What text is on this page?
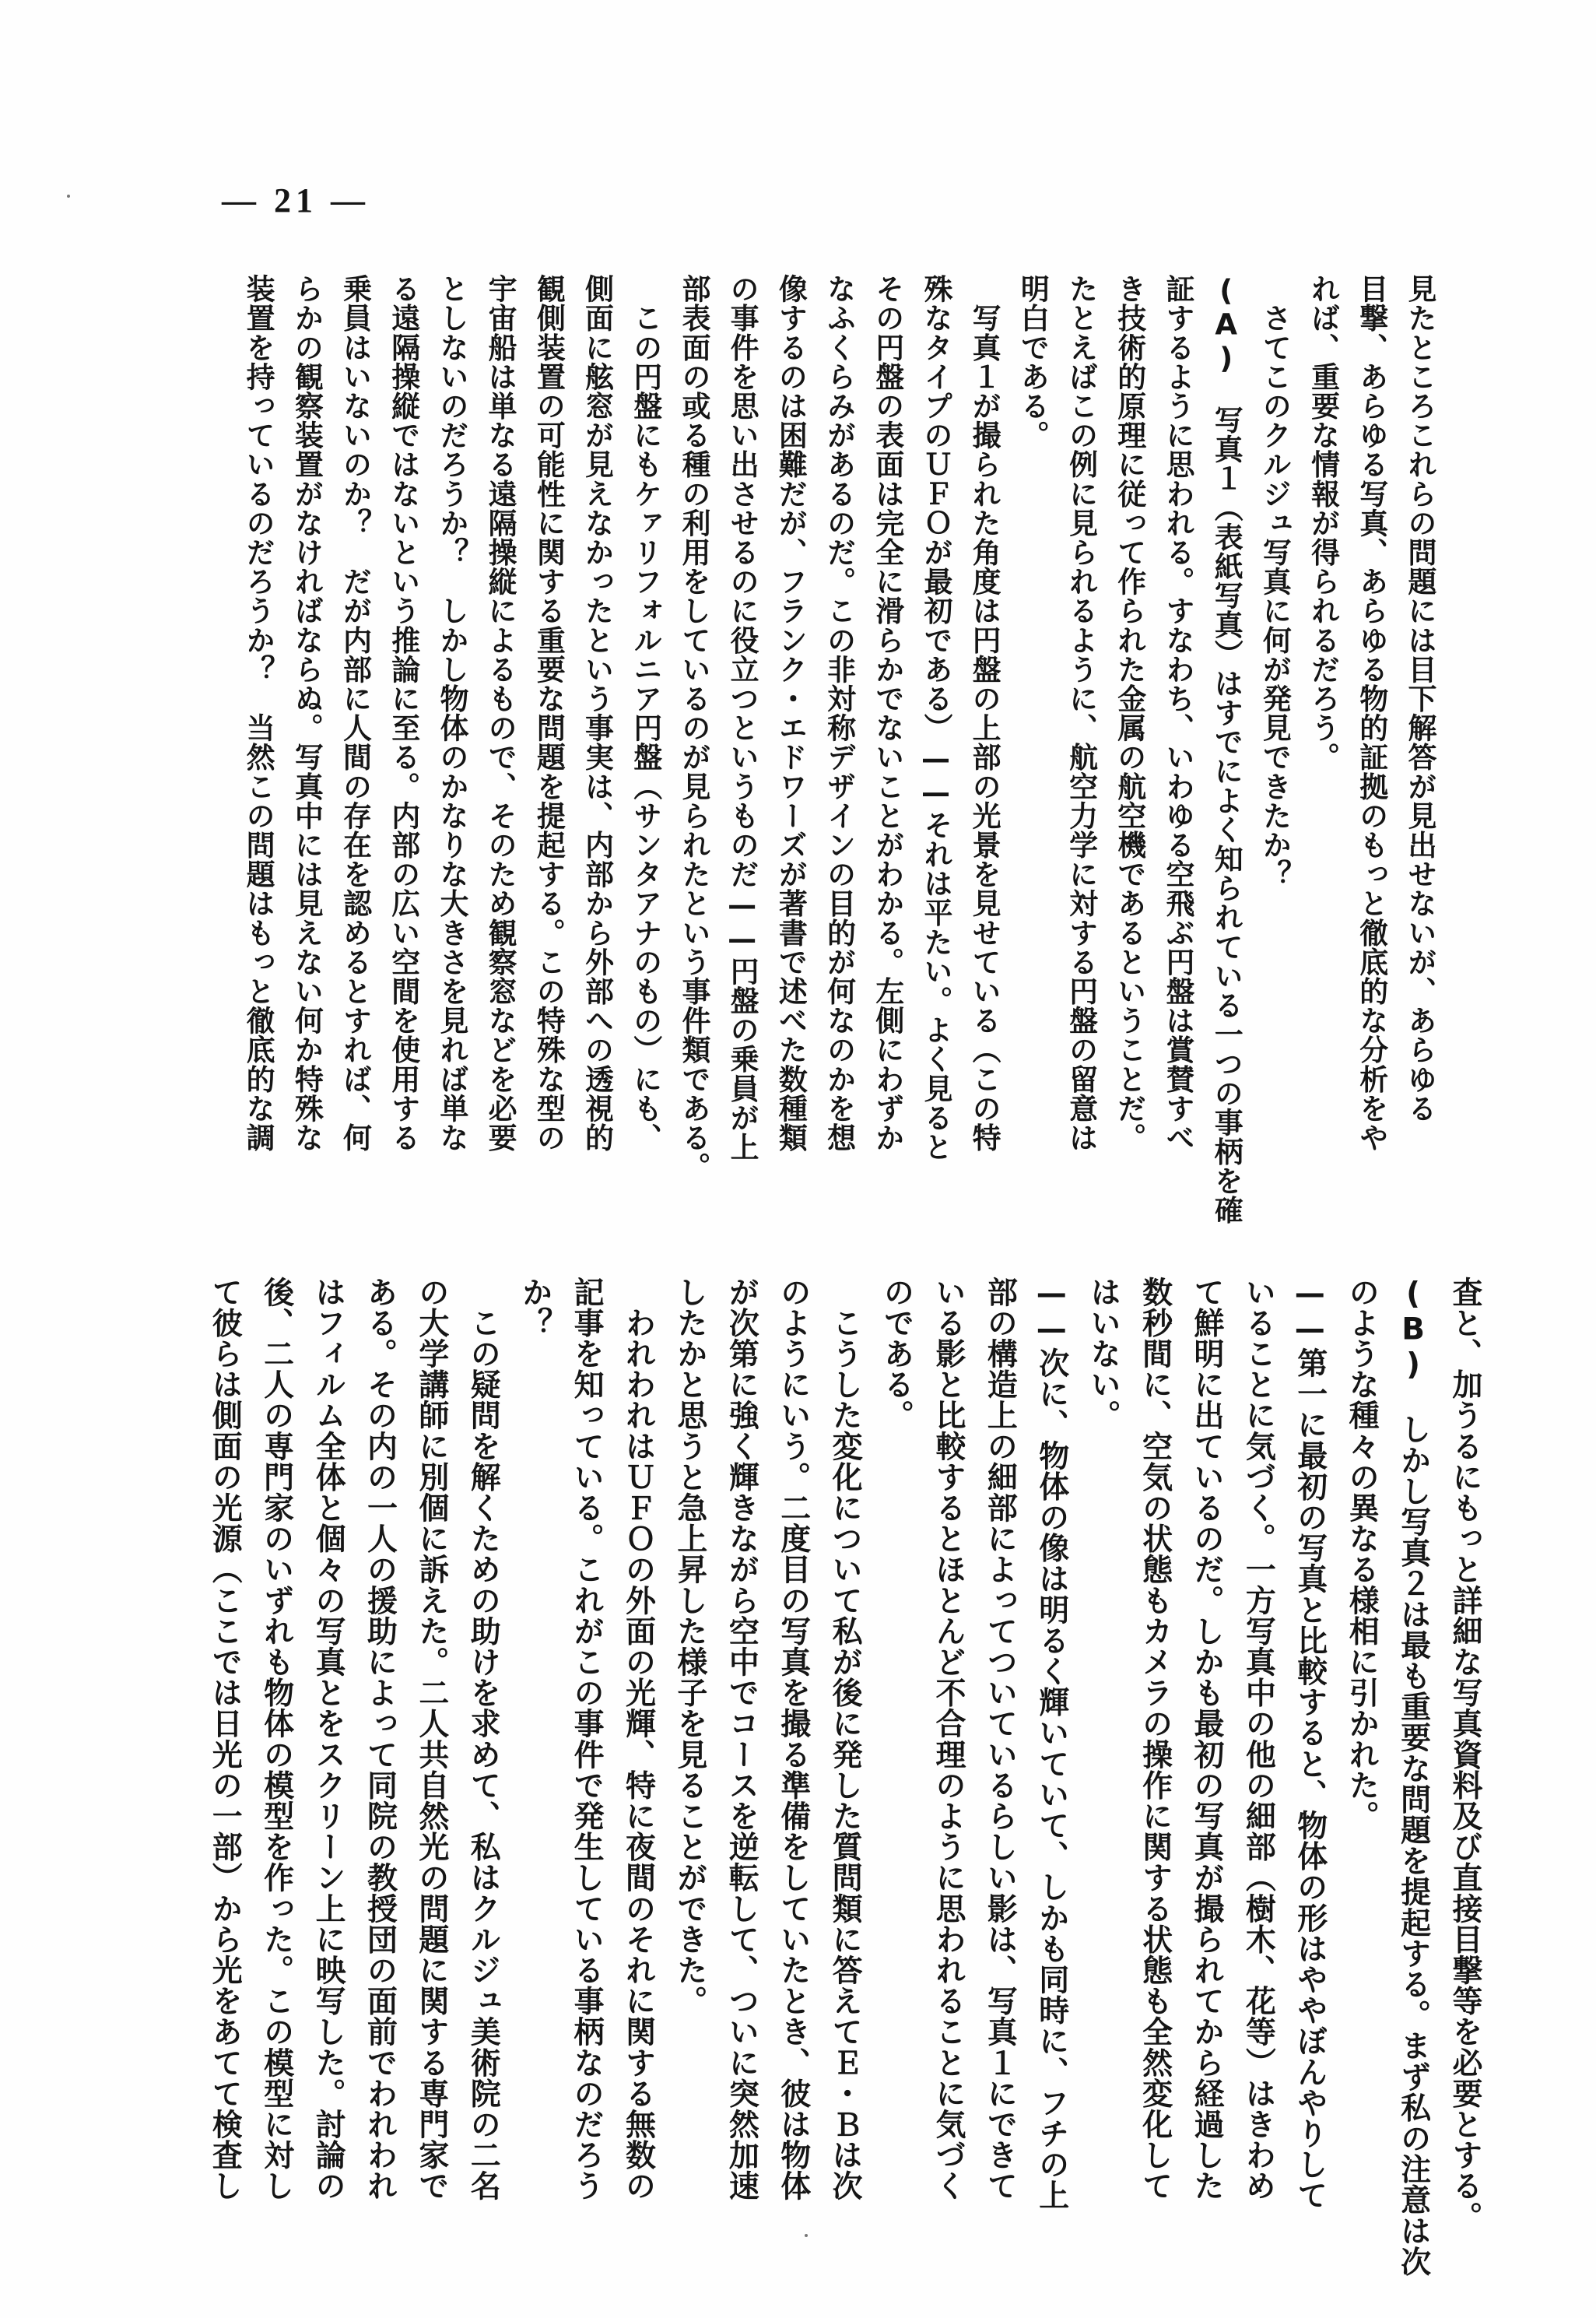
— 21 —
見たところこれらの問題には目下解答が見出せないが、あらゆる
目撃、あらゆる写真、あらゆる物的証拠のもっと徹底的な分析をや
れば、重要な情報が得られるだろう。
　さてこのクルジュ写真に何が発見できたか？
(A)　写真１（表紙写真）はすでによく知られている一つの事柄を確
証するように思われる。すなわち、いわゆる空飛ぶ円盤は賞賛すべ
き技術的原理に従って作られた金属の航空機であるということだ。
たとえばこの例に見られるように、航空力学に対する円盤の留意は
明白である。
　写真１が撮られた角度は円盤の上部の光景を見せている（この特
殊なタイプのＵＦＯが最初である）——それは平たい。よく見ると
その円盤の表面は完全に滑らかでないことがわかる。左側にわずか
なふくらみがあるのだ。この非対称デザインの目的が何なのかを想
像するのは困難だが、フランク・エドワーズが著書で述べた数種類
の事件を思い出させるのに役立つというものだ——円盤の乗員が上
部表面の或る種の利用をしているのが見られたという事件類である。
　この円盤にもケァリフォルニア円盤（サンタアナのもの）にも、
側面に舷窓が見えなかったという事実は、内部から外部への透視的
観側装置の可能性に関する重要な問題を提起する。この特殊な型の
宇宙船は単なる遠隔操縦によるもので、そのため観察窓などを必要
としないのだろうか？　しかし物体のかなりな大きさを見れば単な
る遠隔操縦ではないという推論に至る。内部の広い空間を使用する
乗員はいないのか？　だが内部に人間の存在を認めるとすれば、何
らかの観察装置がなければならぬ。写真中には見えない何か特殊な
装置を持っているのだろうか？　当然この問題はもっと徹底的な調
査と、加うるにもっと詳細な写真資料及び直接目撃等を必要とする。
(B)　しかし写真２は最も重要な問題を提起する。まず私の注意は次
のような種々の異なる様相に引かれた。
——第一に最初の写真と比較すると、物体の形はややぼんやりして
いることに気づく。一方写真中の他の細部（樹木、花等）はきわめ
て鮮明に出ているのだ。しかも最初の写真が撮られてから経過した
数秒間に、空気の状態もカメラの操作に関する状態も全然変化して
はいない。
——次に、物体の像は明るく輝いていて、しかも同時に、フチの上
部の構造上の細部によってついているらしい影は、写真１にできて
いる影と比較するとほとんど不合理のように思われることに気づく
のである。
　こうした変化について私が後に発した質問類に答えてＥ・Ｂは次
のようにいう。二度目の写真を撮る準備をしていたとき、彼は物体
が次第に強く輝きながら空中でコースを逆転して、ついに突然加速
したかと思うと急上昇した様子を見ることができた。
　われわれはＵＦＯの外面の光輝、特に夜間のそれに関する無数の
記事を知っている。これがこの事件で発生している事柄なのだろう
か？
　この疑問を解くための助けを求めて、私はクルジュ美術院の二名
の大学講師に別個に訴えた。二人共自然光の問題に関する専門家で
ある。その内の一人の援助によって同院の教授団の面前でわれわれ
はフィルム全体と個々の写真とをスクリーン上に映写した。討論の
後、二人の専門家のいずれも物体の模型を作った。この模型に対し
て彼らは側面の光源（ここでは日光の一部）から光をあてて検査し
